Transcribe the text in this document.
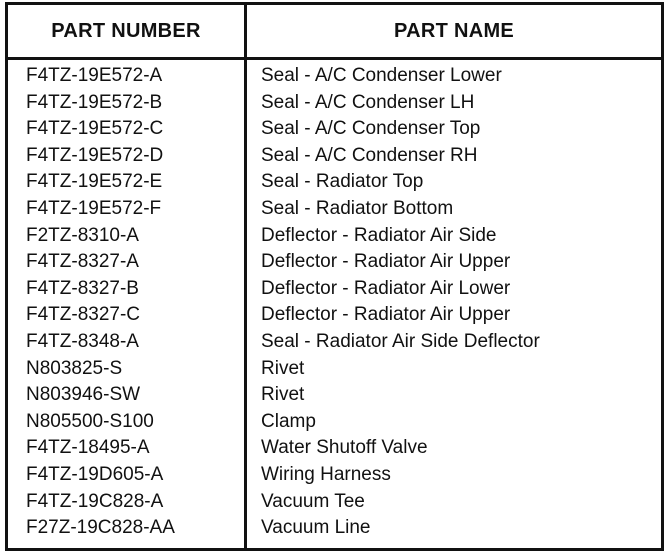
PART NUMBER	PART NAME
F4TZ-19E572-A	Seal - A/C Condenser Lower
F4TZ-19E572-B	Seal - A/C Condenser LH
F4TZ-19E572-C	Seal - A/C Condenser Top
F4TZ-19E572-D	Seal - A/C Condenser RH
F4TZ-19E572-E	Seal - Radiator Top
F4TZ-19E572-F	Seal - Radiator Bottom
F2TZ-8310-A	Deflector - Radiator Air Side
F4TZ-8327-A	Deflector - Radiator Air Upper
F4TZ-8327-B	Deflector - Radiator Air Lower
F4TZ-8327-C	Deflector - Radiator Air Upper
F4TZ-8348-A	Seal - Radiator Air Side Deflector
N803825-S	Rivet
N803946-SW	Rivet
N805500-S100	Clamp
F4TZ-18495-A	Water Shutoff Valve
F4TZ-19D605-A	Wiring Harness
F4TZ-19C828-A	Vacuum Tee
F27Z-19C828-AA	Vacuum Line
